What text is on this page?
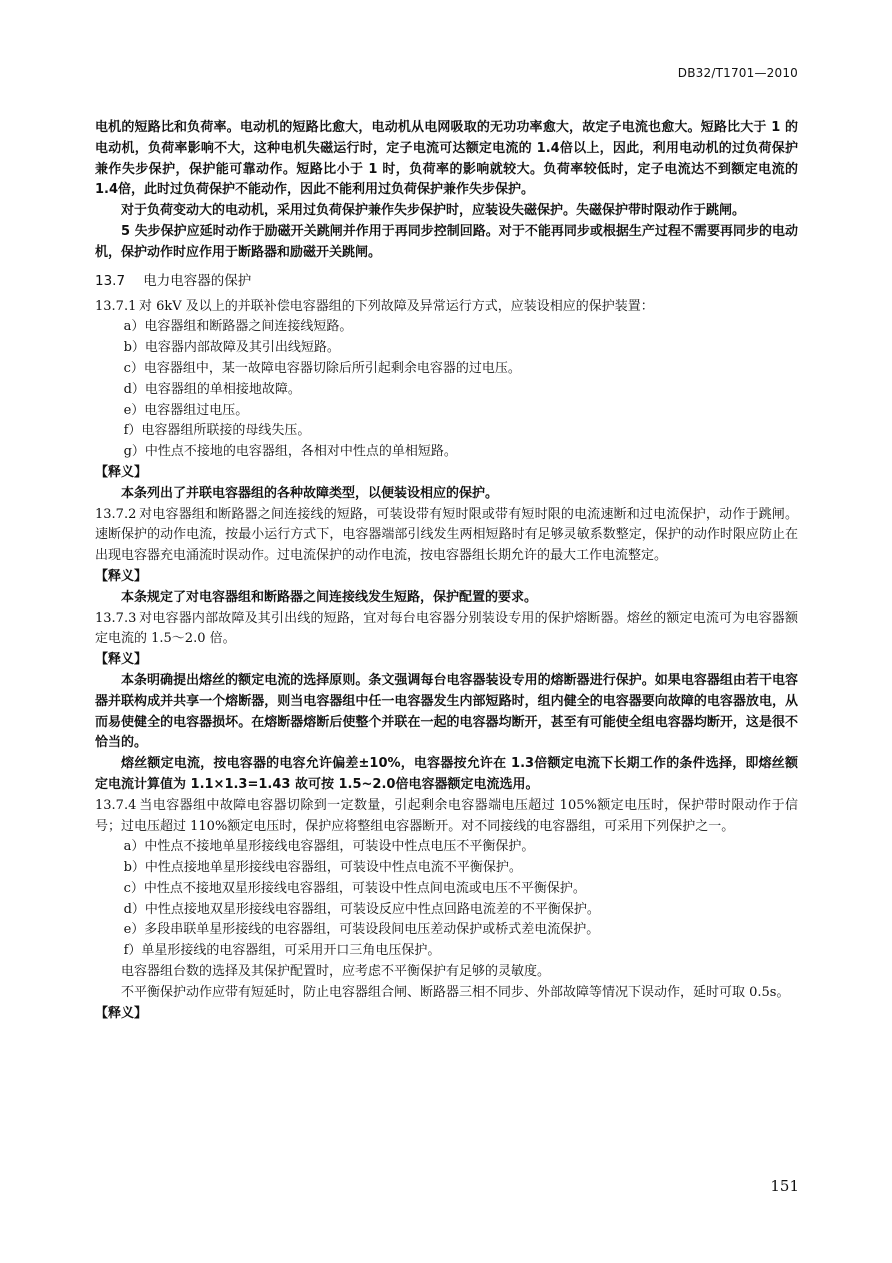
DB32/T1701—2010

电机的短路比和负荷率。电动机的短路比愈大，电动机从电网吸取的无功功率愈大，故定子电流也愈大。短路比大于 1 的电动机，负荷率影响不大，这种电机失磁运行时，定子电流可达额定电流的 1.4倍以上，因此，利用电动机的过负荷保护兼作失步保护，保护能可靠动作。短路比小于 1 时，负荷率的影响就较大。负荷率较低时，定子电流达不到额定电流的 1.4倍，此时过负荷保护不能动作，因此不能利用过负荷保护兼作失步保护。

对于负荷变动大的电动机，采用过负荷保护兼作失步保护时，应装设失磁保护。失磁保护带时限动作于跳闸。

5 失步保护应延时动作于励磁开关跳闸并作用于再同步控制回路。对于不能再同步或根据生产过程不需要再同步的电动机，保护动作时应作用于断路器和励磁开关跳闸。

13.7 电力电容器的保护

13.7.1 对 6kV 及以上的并联补偿电容器组的下列故障及异常运行方式，应装设相应的保护装置：

a）电容器组和断路器之间连接线短路。
b）电容器内部故障及其引出线短路。
c）电容器组中，某一故障电容器切除后所引起剩余电容器的过电压。
d）电容器组的单相接地故障。
e）电容器组过电压。
f）电容器组所联接的母线失压。
g）中性点不接地的电容器组，各相对中性点的单相短路。
【释义】

本条列出了并联电容器组的各种故障类型，以便装设相应的保护。

13.7.2 对电容器组和断路器之间连接线的短路，可装设带有短时限或带有短时限的电流速断和过电流保护，动作于跳闸。速断保护的动作电流，按最小运行方式下，电容器端部引线发生两相短路时有足够灵敏系数整定，保护的动作时限应防止在出现电容器充电涌流时误动作。过电流保护的动作电流，按电容器组长期允许的最大工作电流整定。

【释义】

本条规定了对电容器组和断路器之间连接线发生短路，保护配置的要求。

13.7.3 对电容器内部故障及其引出线的短路，宜对每台电容器分别装设专用的保护熔断器。熔丝的额定电流可为电容器额定电流的 1.5～2.0 倍。

【释义】

本条明确提出熔丝的额定电流的选择原则。条文强调每台电容器装设专用的熔断器进行保护。如果电容器组由若干电容器并联构成并共享一个熔断器，则当电容器组中任一电容器发生内部短路时，组内健全的电容器要向故障的电容器放电，从而易使健全的电容器损坏。在熔断器熔断后使整个并联在一起的电容器均断开，甚至有可能使全组电容器均断开，这是很不恰当的。

熔丝额定电流，按电容器的电容允许偏差±10%，电容器按允许在 1.3倍额定电流下长期工作的条件选择，即熔丝额定电流计算值为 1.1×1.3=1.43 故可按 1.5~2.0倍电容器额定电流选用。

13.7.4 当电容器组中故障电容器切除到一定数量，引起剩余电容器端电压超过 105%额定电压时，保护带时限动作于信号；过电压超过 110%额定电压时，保护应将整组电容器断开。对不同接线的电容器组，可采用下列保护之一。

a）中性点不接地单星形接线电容器组，可装设中性点电压不平衡保护。
b）中性点接地单星形接线电容器组，可装设中性点电流不平衡保护。
c）中性点不接地双星形接线电容器组，可装设中性点间电流或电压不平衡保护。
d）中性点接地双星形接线电容器组，可装设反应中性点回路电流差的不平衡保护。
e）多段串联单星形接线的电容器组，可装设段间电压差动保护或桥式差电流保护。
f）单星形接线的电容器组，可采用开口三角电压保护。

电容器组台数的选择及其保护配置时，应考虑不平衡保护有足够的灵敏度。

不平衡保护动作应带有短延时，防止电容器组合闸、断路器三相不同步、外部故障等情况下误动作，延时可取 0.5s。

【释义】
151
